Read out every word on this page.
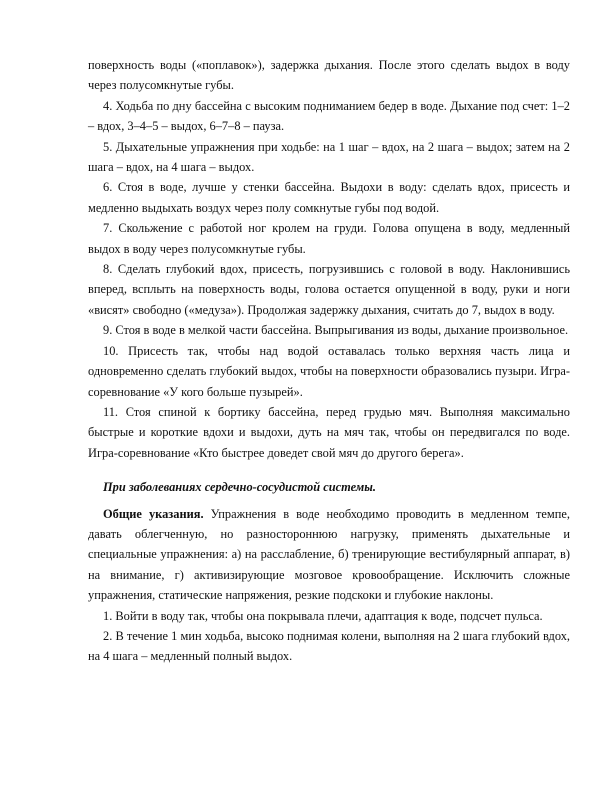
поверхность воды («поплавок»), задержка дыхания. После этого сделать выдох в воду через полусомкнутые губы.

4. Ходьба по дну бассейна с высоким подниманием бедер в воде. Дыхание под счет: 1–2 – вдох, 3–4–5 – выдох, 6–7–8 – пауза.

5. Дыхательные упражнения при ходьбе: на 1 шаг – вдох, на 2 шага – выдох; затем на 2 шага – вдох, на 4 шага – выдох.

6. Стоя в воде, лучше у стенки бассейна. Выдохи в воду: сделать вдох, присесть и медленно выдыхать воздух через полу сомкнутые губы под водой.

7. Скольжение с работой ног кролем на груди. Голова опущена в воду, медленный выдох в воду через полусомкнутые губы.

8. Сделать глубокий вдох, присесть, погрузившись с головой в воду. Наклонившись вперед, всплыть на поверхность воды, голова остается опущенной в воду, руки и ноги «висят» свободно («медуза»). Продолжая задержку дыхания, считать до 7, выдох в воду.

9. Стоя в воде в мелкой части бассейна. Выпрыгивания из воды, дыхание произвольное.

10. Присесть так, чтобы над водой оставалась только верхняя часть лица и одновременно сделать глубокий выдох, чтобы на поверхности образовались пузыри. Игра-соревнование «У кого больше пузырей».

11. Стоя спиной к бортику бассейна, перед грудью мяч. Выполняя максимально быстрые и короткие вдохи и выдохи, дуть на мяч так, чтобы он передвигался по воде. Игра-соревнование «Кто быстрее доведет свой мяч до другого берега».

При заболеваниях сердечно-сосудистой системы.

Общие указания. Упражнения в воде необходимо проводить в медленном темпе, давать облегченную, но разностороннюю нагрузку, применять дыхательные и специальные упражнения: а) на расслабление, б) тренирующие вестибулярный аппарат, в) на внимание, г) активизирующие мозговое кровообращение. Исключить сложные упражнения, статические напряжения, резкие подскоки и глубокие наклоны.

1. Войти в воду так, чтобы она покрывала плечи, адаптация к воде, подсчет пульса.

2. В течение 1 мин ходьба, высоко поднимая колени, выполняя на 2 шага глубокий вдох, на 4 шага – медленный полный выдох.
